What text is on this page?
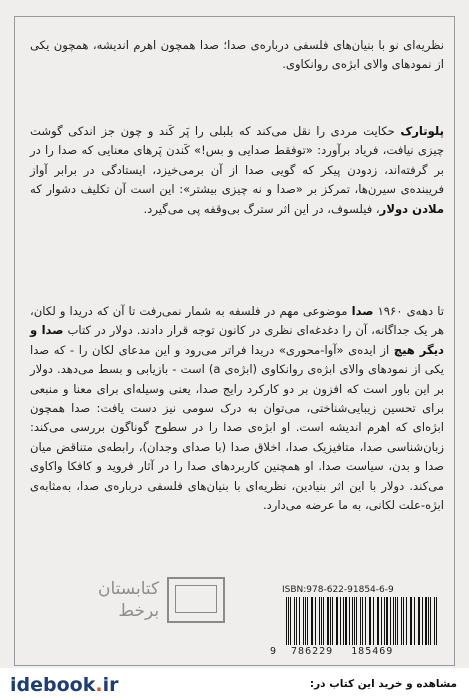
نظریه‌ای نو با بنیان‌های فلسفی درباره‌ی صدا؛ صدا همچون اهرم اندیشه، همچون یکی از نمودهای والای ابژه‌ی روانکاوی.

پلوتارک حکایت مردی را نقل می‌کند که بلبلی را پَر کَند و چون جز اندکی گوشت چیزی نیافت، فریاد برآورد: «توفقط صدایی و بس!» کَندن پَرهای معنایی که صدا را در بر گرفته‌اند، زدودن پیکر که گویی صدا از آن برمی‌خیزد، ایستادگی در برابر آواز فریبنده‌ی سیرن‌ها، تمرکز بر «صدا و نه چیزی بیشتر»: این است آن تکلیف دشوار که ملادن دولار، فیلسوف، در این اثر سترگ بی‌وقفه پی می‌گیرد.

تا دهه‌ی ۱۹۶۰ صدا موضوعی مهم در فلسفه به شمار نمی‌رفت تا آن که دریدا و لکان، هر یک جداگانه، آن را دغدغه‌ای نظری در کانون توجه قرار دادند. دولار در کتاب صدا و دیگر هیچ از ایده‌ی «آوا-محوری» دریدا فراتر می‌رود و این مدعای لکان را - که صدا یکی از نمودهای والای ابژه‌ی روانکاوی (ابژه‌ی a) است - بازیابی و بسط می‌دهد. دولار بر این باور است که افزون بر دو کارکرد رایج صدا، یعنی وسیله‌ای برای معنا و منبعی برای تحسین زیبایی‌شناختی، می‌توان به درک سومی نیز دست یافت: صدا همچون ابژه‌ای که اهرم اندیشه است. او ابژه‌ی صدا را در سطوح گوناگون بررسی می‌کند: زبان‌شناسی صدا، متافیزیک صدا، اخلاق صدا (با صدای وجدان)، رابطه‌ی متناقض میان صدا و بدن، سیاست صدا. او همچنین کاربردهای صدا را در آثار فروید و کافکا واکاوی می‌کند. دولار با این اثر بنیادین، نظریه‌ای با بنیان‌های فلسفی درباره‌ی صدا، به‌مثابه‌ی ابژه-علت لکانی، به ما عرضه می‌دارد.

کتابستان
برخط
ISBN:978-622-91854-6-9
9 786229 185469
idebook.ir	مشاهده و خرید این کتاب در:
